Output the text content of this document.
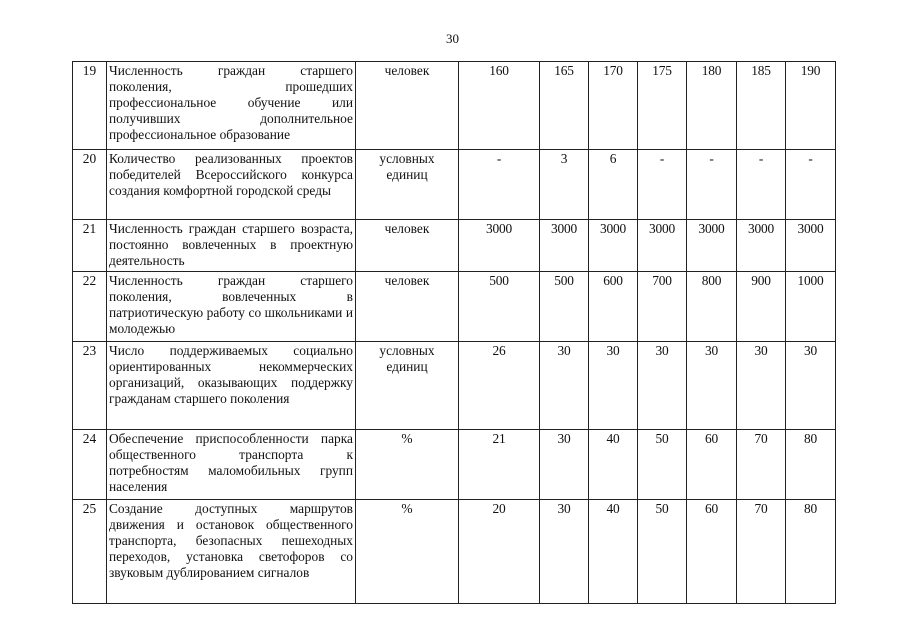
30
19	Численность граждан старшего поколения, прошедших профессиональное обучение или получивших дополнительное профессиональное образование	человек	160	165	170	175	180	185	190
20	Количество реализованных проектов победителей Всероссийского конкурса создания комфортной городской среды	условных единиц	-	3	6	-	-	-	-
21	Численность граждан старшего возраста, постоянно вовлеченных в проектную деятельность	человек	3000	3000	3000	3000	3000	3000	3000
22	Численность граждан старшего поколения, вовлеченных в патриотическую работу со школьниками и молодежью	человек	500	500	600	700	800	900	1000
23	Число поддерживаемых социально ориентированных некоммерческих организаций, оказывающих поддержку гражданам старшего поколения	условных единиц	26	30	30	30	30	30	30
24	Обеспечение приспособленности парка общественного транспорта к потребностям маломобильных групп населения	%	21	30	40	50	60	70	80
25	Создание доступных маршрутов движения и остановок общественного транспорта, безопасных пешеходных переходов, установка светофоров со звуковым дублированием сигналов	%	20	30	40	50	60	70	80
